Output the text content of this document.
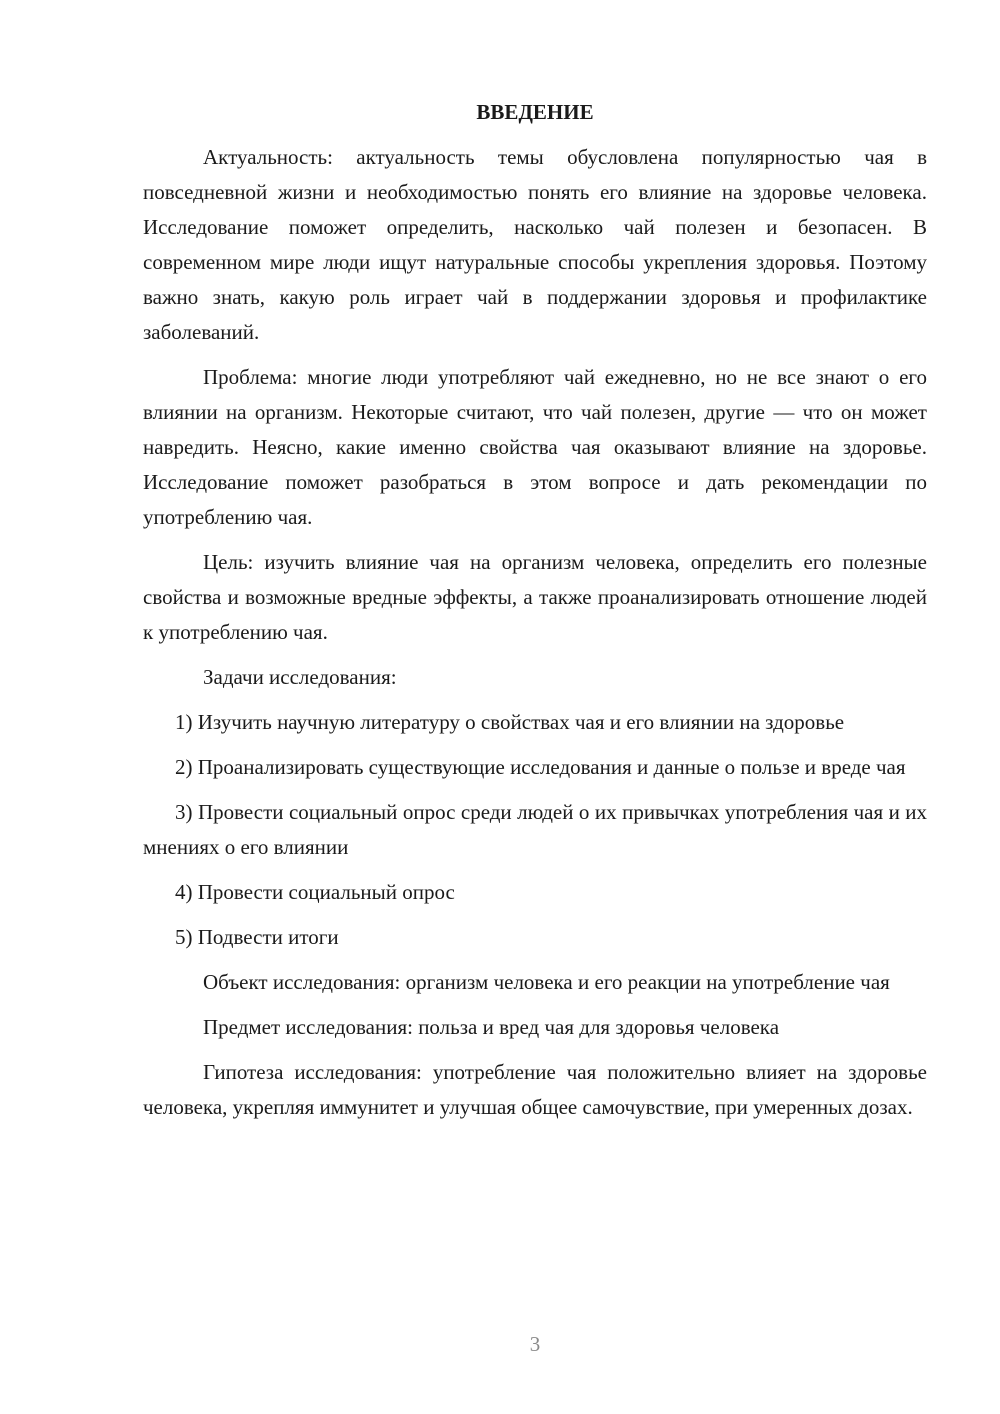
ВВЕДЕНИЕ

Актуальность: актуальность темы обусловлена популярностью чая в повседневной жизни и необходимостью понять его влияние на здоровье человека. Исследование поможет определить, насколько чай полезен и безопасен. В современном мире люди ищут натуральные способы укрепления здоровья. Поэтому важно знать, какую роль играет чай в поддержании здоровья и профилактике заболеваний.

Проблема: многие люди употребляют чай ежедневно, но не все знают о его влиянии на организм. Некоторые считают, что чай полезен, другие — что он может навредить. Неясно, какие именно свойства чая оказывают влияние на здоровье. Исследование поможет разобраться в этом вопросе и дать рекомендации по употреблению чая.

Цель: изучить влияние чая на организм человека, определить его полезные свойства и возможные вредные эффекты, а также проанализировать отношение людей к употреблению чая.

Задачи исследования:

1) Изучить научную литературу о свойствах чая и его влиянии на здоровье

2) Проанализировать существующие исследования и данные о пользе и вреде чая

3) Провести социальный опрос среди людей о их привычках употребления чая и их мнениях о его влиянии

4) Провести социальный опрос

5) Подвести итоги

Объект исследования: организм человека и его реакции на употребление чая

Предмет исследования: польза и вред чая для здоровья человека

Гипотеза исследования: употребление чая положительно влияет на здоровье человека, укрепляя иммунитет и улучшая общее самочувствие, при умеренных дозах.

3
